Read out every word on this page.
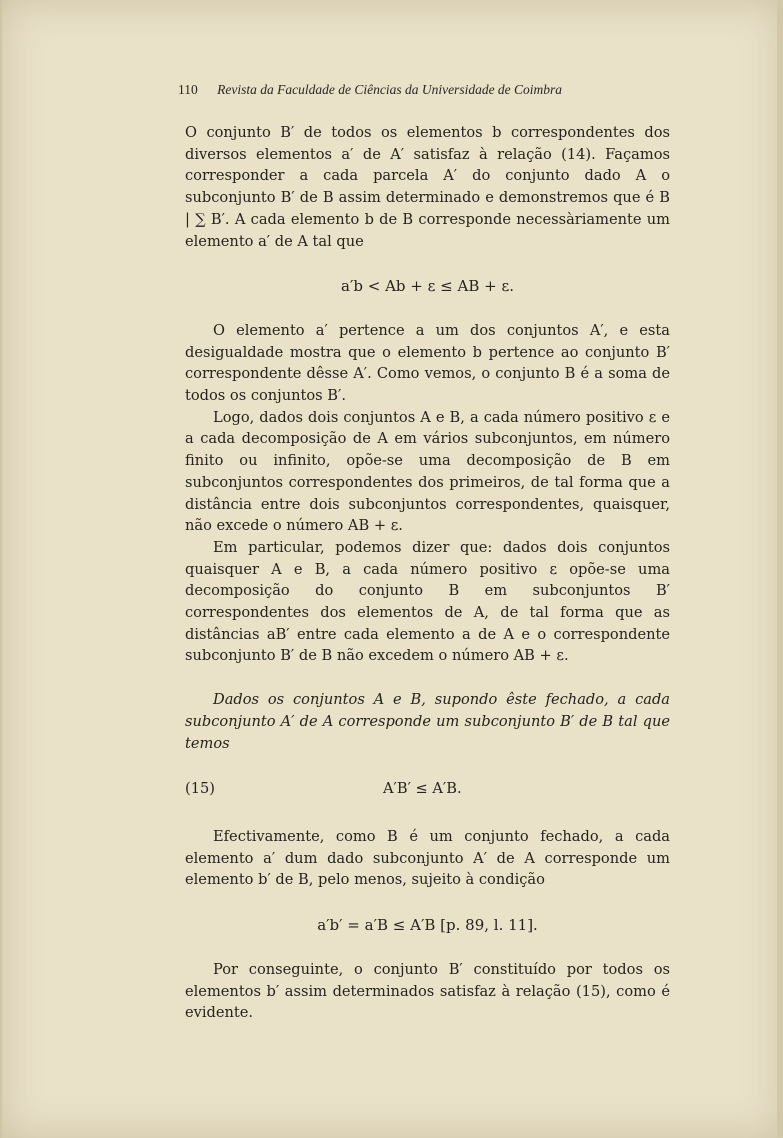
110 Revista da Faculdade de Ciências da Universidade de Coimbra

O conjunto B′ de todos os elementos b correspondentes dos diversos elementos a′ de A′ satisfaz à relação (14). Façamos corresponder a cada parcela A′ do conjunto dado A o subconjunto B′ de B assim determinado e demonstremos que é B | ∑ B′. A cada elemento b de B corresponde necessàriamente um elemento a′ de A tal que

a′b < Ab + ε ≤ AB + ε.

O elemento a′ pertence a um dos conjuntos A′, e esta desigualdade mostra que o elemento b pertence ao conjunto B′ correspondente dêsse A′. Como vemos, o conjunto B é a soma de todos os conjuntos B′.

Logo, dados dois conjuntos A e B, a cada número positivo ε e a cada decomposição de A em vários subconjuntos, em número finito ou infinito, opõe-se uma decomposição de B em subconjuntos correspondentes dos primeiros, de tal forma que a distância entre dois subconjuntos correspondentes, quaisquer, não excede o número AB + ε.

Em particular, podemos dizer que: dados dois conjuntos quaisquer A e B, a cada número positivo ε opõe-se uma decomposição do conjunto B em subconjuntos B′ correspondentes dos elementos de A, de tal forma que as distâncias aB′ entre cada elemento a de A e o correspondente subconjunto B′ de B não excedem o número AB + ε.

Dados os conjuntos A e B, supondo êste fechado, a cada subconjunto A′ de A corresponde um subconjunto B′ de B tal que temos

(15)	A′B′ ≤ A′B.

Efectivamente, como B é um conjunto fechado, a cada elemento a′ dum dado subconjunto A′ de A corresponde um elemento b′ de B, pelo menos, sujeito à condição

a′b′ = a′B ≤ A′B [p. 89, l. 11].

Por conseguinte, o conjunto B′ constituído por todos os elementos b′ assim determinados satisfaz à relação (15), como é evidente.
